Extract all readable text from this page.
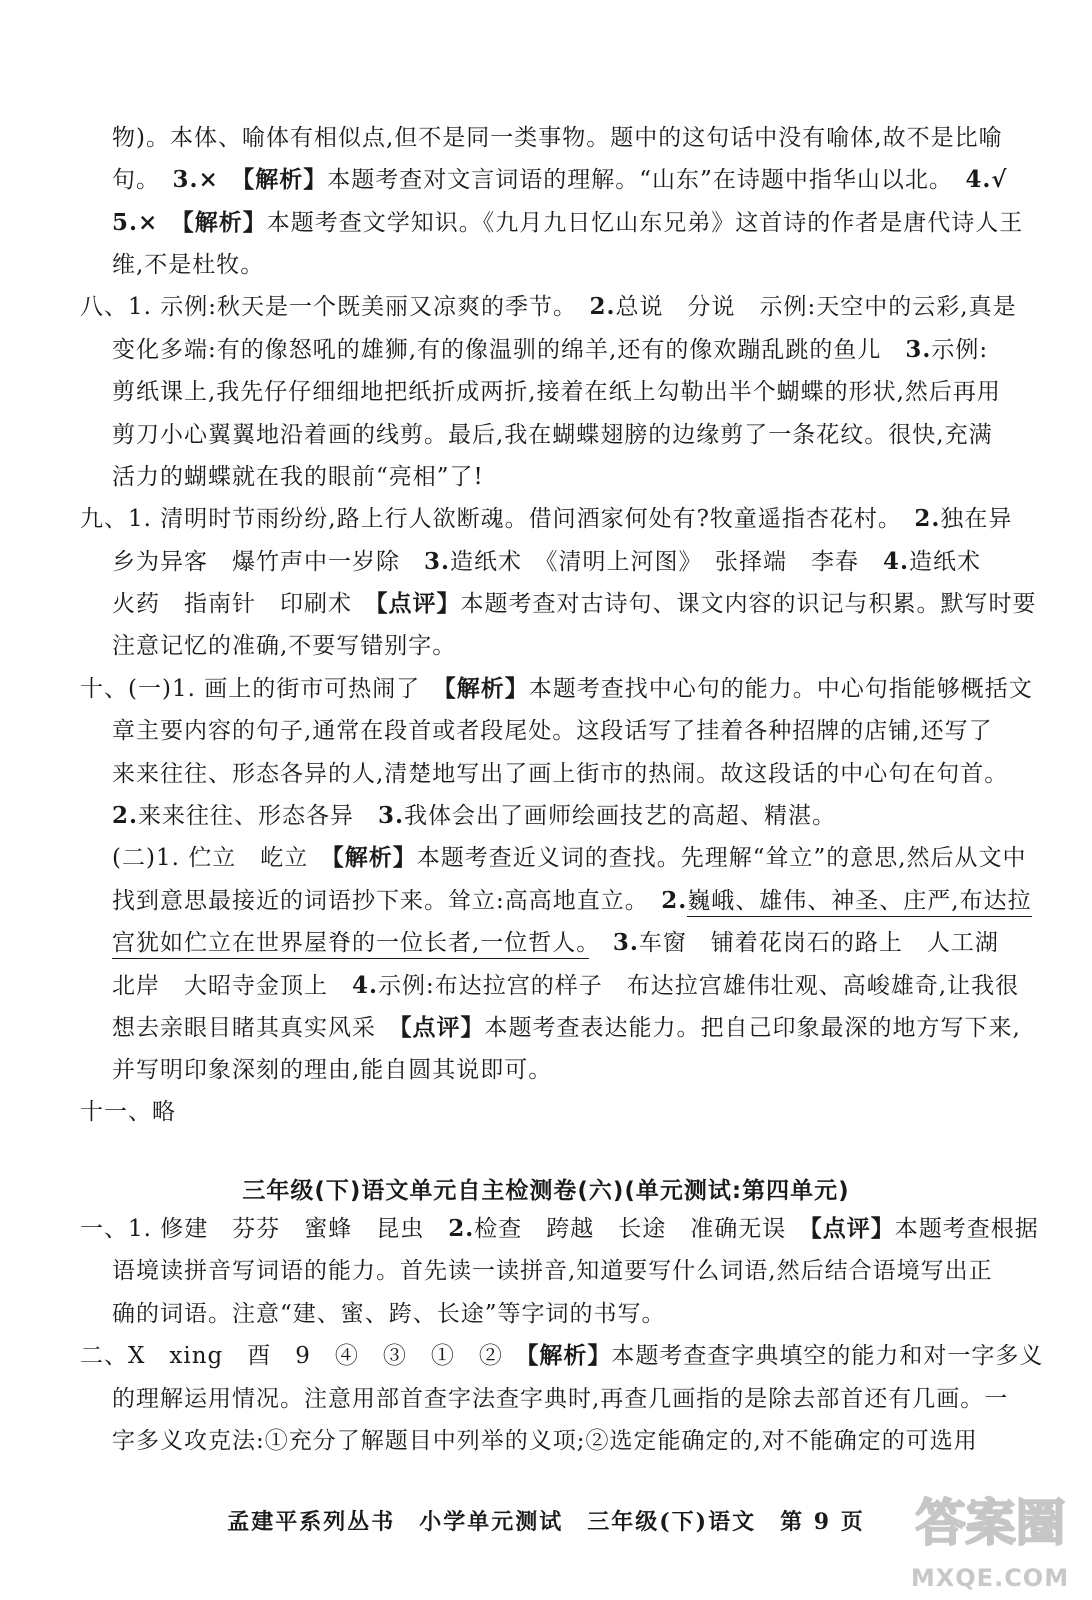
物)。本体、喻体有相似点,但不是同一类事物。题中的这句话中没有喻体,故不是比喻
句。　 3.×　 【解析】本题考查对文言词语的理解。“山东”在诗题中指华山以北。　 4.√
5.×　 【解析】本题考查文学知识。《九月九日忆山东兄弟》这首诗的作者是唐代诗人王
维,不是杜牧。
八、1. 示例:秋天是一个既美丽又凉爽的季节。　 2.总说　分说　示例:天空中的云彩,真是
变化多端:有的像怒吼的雄狮,有的像温驯的绵羊,还有的像欢蹦乱跳的鱼儿　 3.示例:
剪纸课上,我先仔仔细细地把纸折成两折,接着在纸上勾勒出半个蝴蝶的形状,然后再用
剪刀小心翼翼地沿着画的线剪。最后,我在蝴蝶翅膀的边缘剪了一条花纹。很快,充满
活力的蝴蝶就在我的眼前“亮相”了!
九、1. 清明时节雨纷纷,路上行人欲断魂。借问酒家何处有?牧童遥指杏花村。　 2.独在异
乡为异客　爆竹声中一岁除　 3.造纸术　《清明上河图》　张择端　李春　 4.造纸术
火药　指南针　印刷术　 【点评】本题考查对古诗句、课文内容的识记与积累。默写时要
注意记忆的准确,不要写错别字。
十、(一)1. 画上的街市可热闹了　 【解析】本题考查找中心句的能力。中心句指能够概括文
章主要内容的句子,通常在段首或者段尾处。这段话写了挂着各种招牌的店铺,还写了
来来往往、形态各异的人,清楚地写出了画上街市的热闹。故这段话的中心句在句首。
2.来来往往、形态各异　 3.我体会出了画师绘画技艺的高超、精湛。
(二)1. 伫立　屹立　 【解析】本题考查近义词的查找。先理解“耸立”的意思,然后从文中
找到意思最接近的词语抄下来。耸立:高高地直立。　 2.巍峨、雄伟、神圣、庄严,布达拉
宫犹如伫立在世界屋脊的一位长者,一位哲人。　 3.车窗　铺着花岗石的路上　人工湖
北岸　大昭寺金顶上　 4.示例:布达拉宫的样子　布达拉宫雄伟壮观、高峻雄奇,让我很
想去亲眼目睹其真实风采　 【点评】本题考查表达能力。把自己印象最深的地方写下来,
并写明印象深刻的理由,能自圆其说即可。
十一、略
三年级(下)语文单元自主检测卷(六)(单元测试:第四单元)
一、1. 修建　芬芬　蜜蜂　昆虫　 2.检查　跨越　长途　准确无误　 【点评】本题考查根据
语境读拼音写词语的能力。首先读一读拼音,知道要写什么词语,然后结合语境写出正
确的词语。注意“建、蜜、跨、长途”等字词的书写。
二、X　xing　酉　9　④　③　①　②　 【解析】本题考查查字典填空的能力和对一字多义
的理解运用情况。注意用部首查字法查字典时,再查几画指的是除去部首还有几画。一
字多义攻克法:①充分了解题目中列举的义项;②选定能确定的,对不能确定的可选用
孟建平系列丛书　小学单元测试　三年级(下)语文　第 9 页	答案圈
MXQE.COM
